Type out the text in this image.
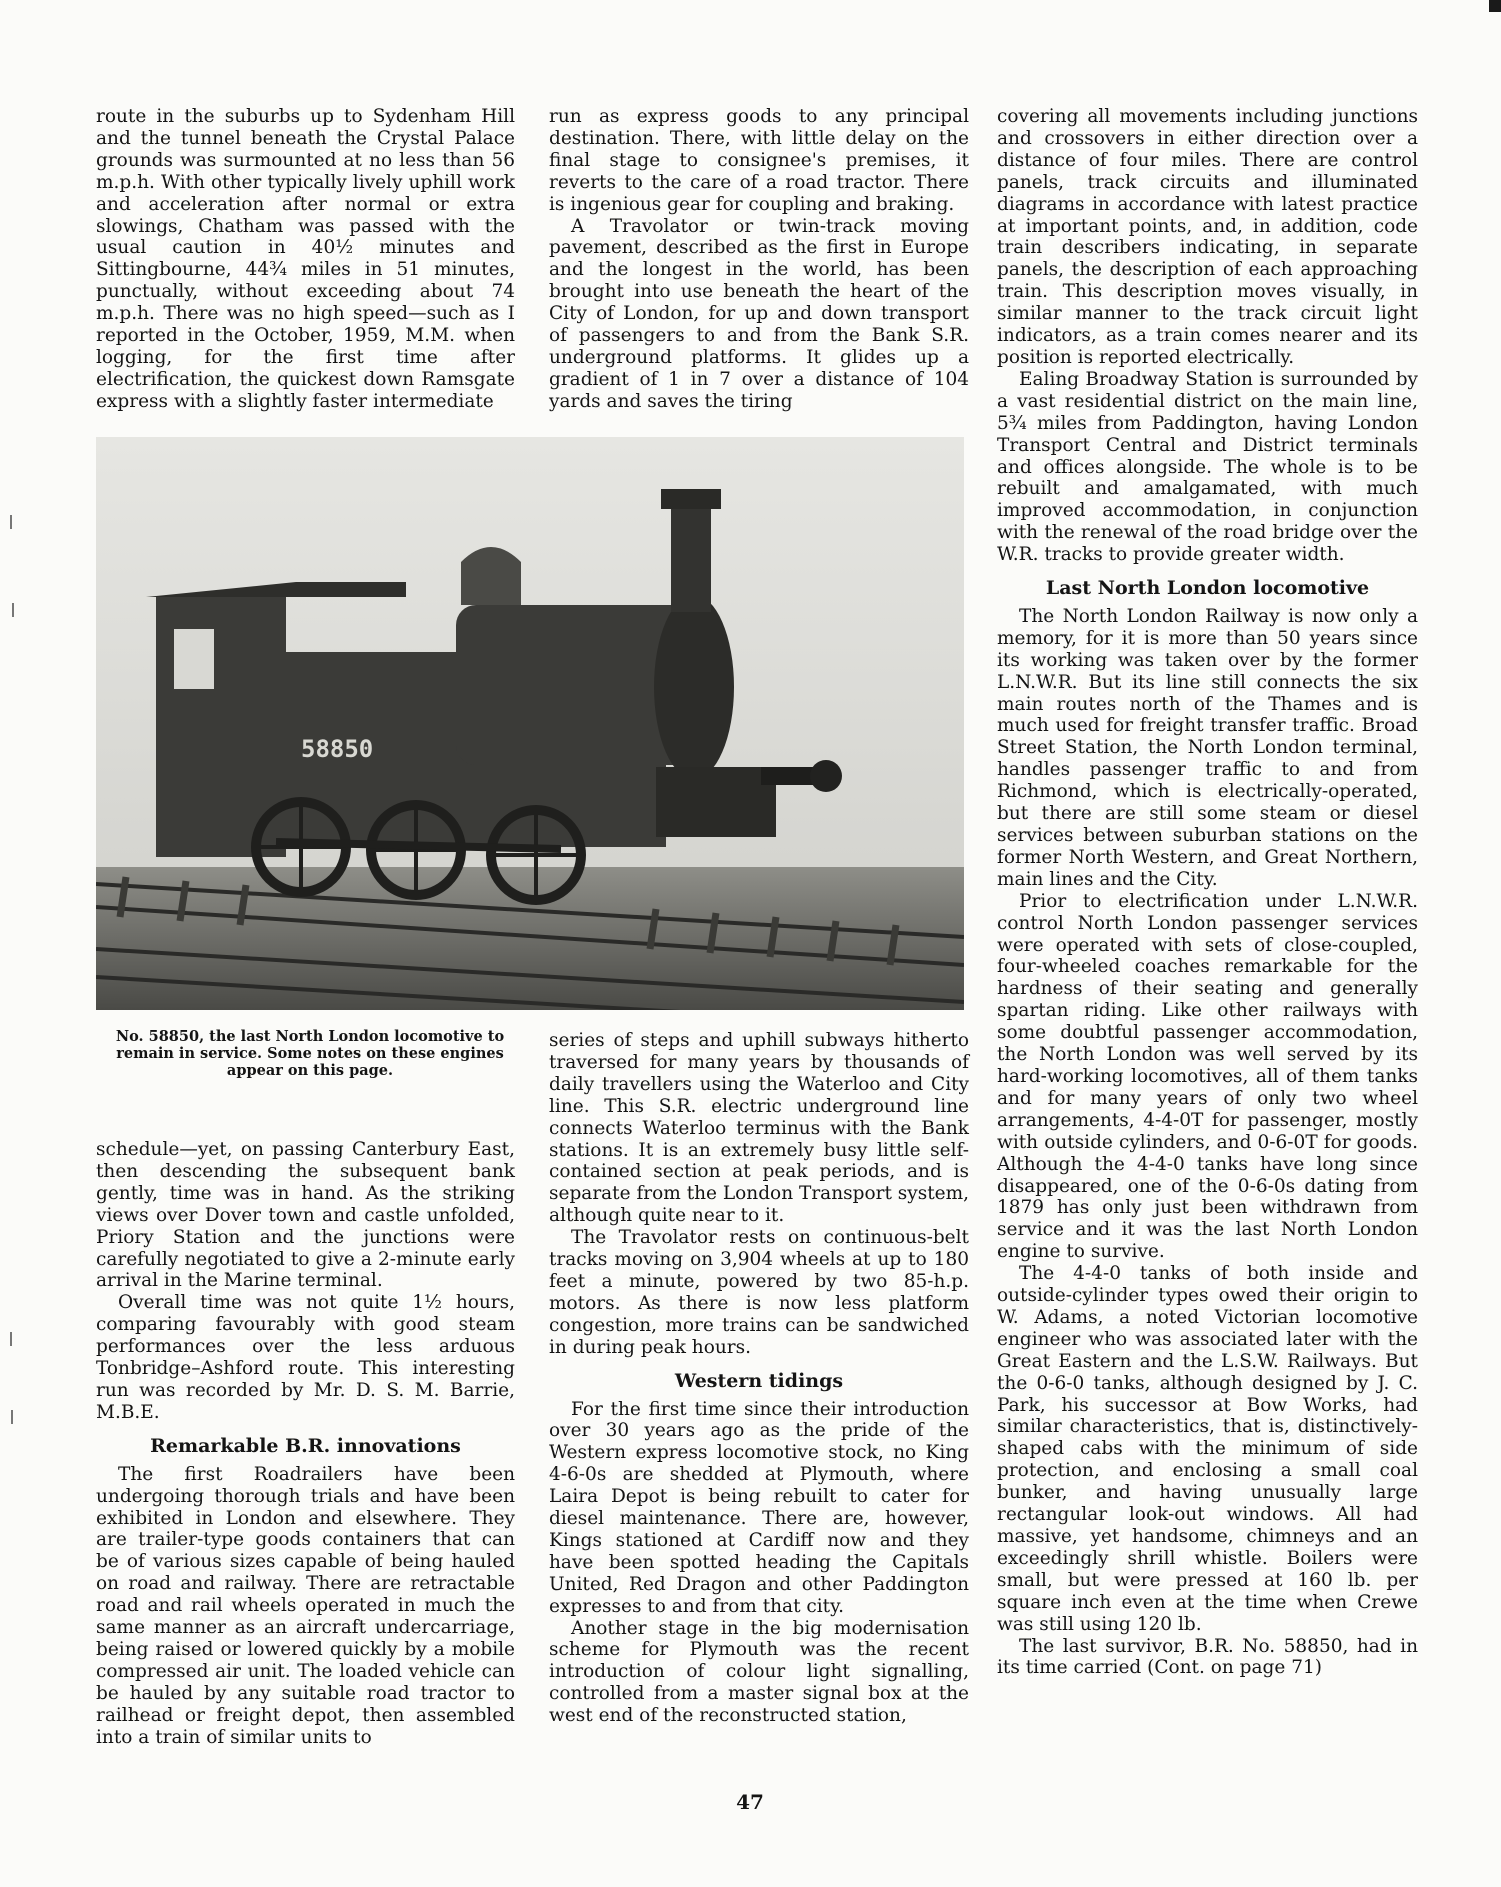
route in the suburbs up to Sydenham Hill and the tunnel beneath the Crystal Palace grounds was surmounted at no less than 56 m.p.h. With other typically lively uphill work and acceleration after normal or extra slowings, Chatham was passed with the usual caution in 40½ minutes and Sittingbourne, 44¾ miles in 51 minutes, punctually, without exceeding about 74 m.p.h. There was no high speed—such as I reported in the October, 1959, M.M. when logging, for the first time after electrification, the quickest down Ramsgate express with a slightly faster intermediate

58850
No. 58850, the last North London locomotive to remain in service. Some notes on these engines appear on this page.

schedule—yet, on passing Canterbury East, then descending the subsequent bank gently, time was in hand. As the striking views over Dover town and castle unfolded, Priory Station and the junctions were carefully negotiated to give a 2-minute early arrival in the Marine terminal.

Overall time was not quite 1½ hours, comparing favourably with good steam performances over the less arduous Tonbridge–Ashford route. This interesting run was recorded by Mr. D. S. M. Barrie, M.B.E.

Remarkable B.R. innovations

The first Roadrailers have been undergoing thorough trials and have been exhibited in London and elsewhere. They are trailer-type goods containers that can be of various sizes capable of being hauled on road and railway. There are retractable road and rail wheels operated in much the same manner as an aircraft undercarriage, being raised or lowered quickly by a mobile compressed air unit. The loaded vehicle can be hauled by any suitable road tractor to railhead or freight depot, then assembled into a train of similar units to

run as express goods to any principal destination. There, with little delay on the final stage to consignee's premises, it reverts to the care of a road tractor. There is ingenious gear for coupling and braking.

A Travolator or twin-track moving pavement, described as the first in Europe and the longest in the world, has been brought into use beneath the heart of the City of London, for up and down transport of passengers to and from the Bank S.R. underground platforms. It glides up a gradient of 1 in 7 over a distance of 104 yards and saves the tiring

series of steps and uphill subways hitherto traversed for many years by thousands of daily travellers using the Waterloo and City line. This S.R. electric underground line connects Waterloo terminus with the Bank stations. It is an extremely busy little self-contained section at peak periods, and is separate from the London Transport system, although quite near to it.

The Travolator rests on continuous-belt tracks moving on 3,904 wheels at up to 180 feet a minute, powered by two 85-h.p. motors. As there is now less platform congestion, more trains can be sandwiched in during peak hours.

Western tidings

For the first time since their introduction over 30 years ago as the pride of the Western express locomotive stock, no King 4-6-0s are shedded at Plymouth, where Laira Depot is being rebuilt to cater for diesel maintenance. There are, however, Kings stationed at Cardiff now and they have been spotted heading the Capitals United, Red Dragon and other Paddington expresses to and from that city.

Another stage in the big modernisation scheme for Plymouth was the recent introduction of colour light signalling, controlled from a master signal box at the west end of the reconstructed station,

covering all movements including junctions and crossovers in either direction over a distance of four miles. There are control panels, track circuits and illuminated diagrams in accordance with latest practice at important points, and, in addition, code train describers indicating, in separate panels, the description of each approaching train. This description moves visually, in similar manner to the track circuit light indicators, as a train comes nearer and its position is reported electrically.

Ealing Broadway Station is surrounded by a vast residential district on the main line, 5¾ miles from Paddington, having London Transport Central and District terminals and offices alongside. The whole is to be rebuilt and amalgamated, with much improved accommodation, in conjunction with the renewal of the road bridge over the W.R. tracks to provide greater width.

Last North London locomotive

The North London Railway is now only a memory, for it is more than 50 years since its working was taken over by the former L.N.W.R. But its line still connects the six main routes north of the Thames and is much used for freight transfer traffic. Broad Street Station, the North London terminal, handles passenger traffic to and from Richmond, which is electrically-operated, but there are still some steam or diesel services between suburban stations on the former North Western, and Great Northern, main lines and the City.

Prior to electrification under L.N.W.R. control North London passenger services were operated with sets of close-coupled, four-wheeled coaches remarkable for the hardness of their seating and generally spartan riding. Like other railways with some doubtful passenger accommodation, the North London was well served by its hard-working locomotives, all of them tanks and for many years of only two wheel arrangements, 4-4-0T for passenger, mostly with outside cylinders, and 0-6-0T for goods. Although the 4-4-0 tanks have long since disappeared, one of the 0-6-0s dating from 1879 has only just been withdrawn from service and it was the last North London engine to survive.

The 4-4-0 tanks of both inside and outside-cylinder types owed their origin to W. Adams, a noted Victorian locomotive engineer who was associated later with the Great Eastern and the L.S.W. Railways. But the 0-6-0 tanks, although designed by J. C. Park, his successor at Bow Works, had similar characteristics, that is, distinctively-shaped cabs with the minimum of side protection, and enclosing a small coal bunker, and having unusually large rectangular look-out windows. All had massive, yet handsome, chimneys and an exceedingly shrill whistle. Boilers were small, but were pressed at 160 lb. per square inch even at the time when Crewe was still using 120 lb.

The last survivor, B.R. No. 58850, had in its time carried (Cont. on page 71)

47
